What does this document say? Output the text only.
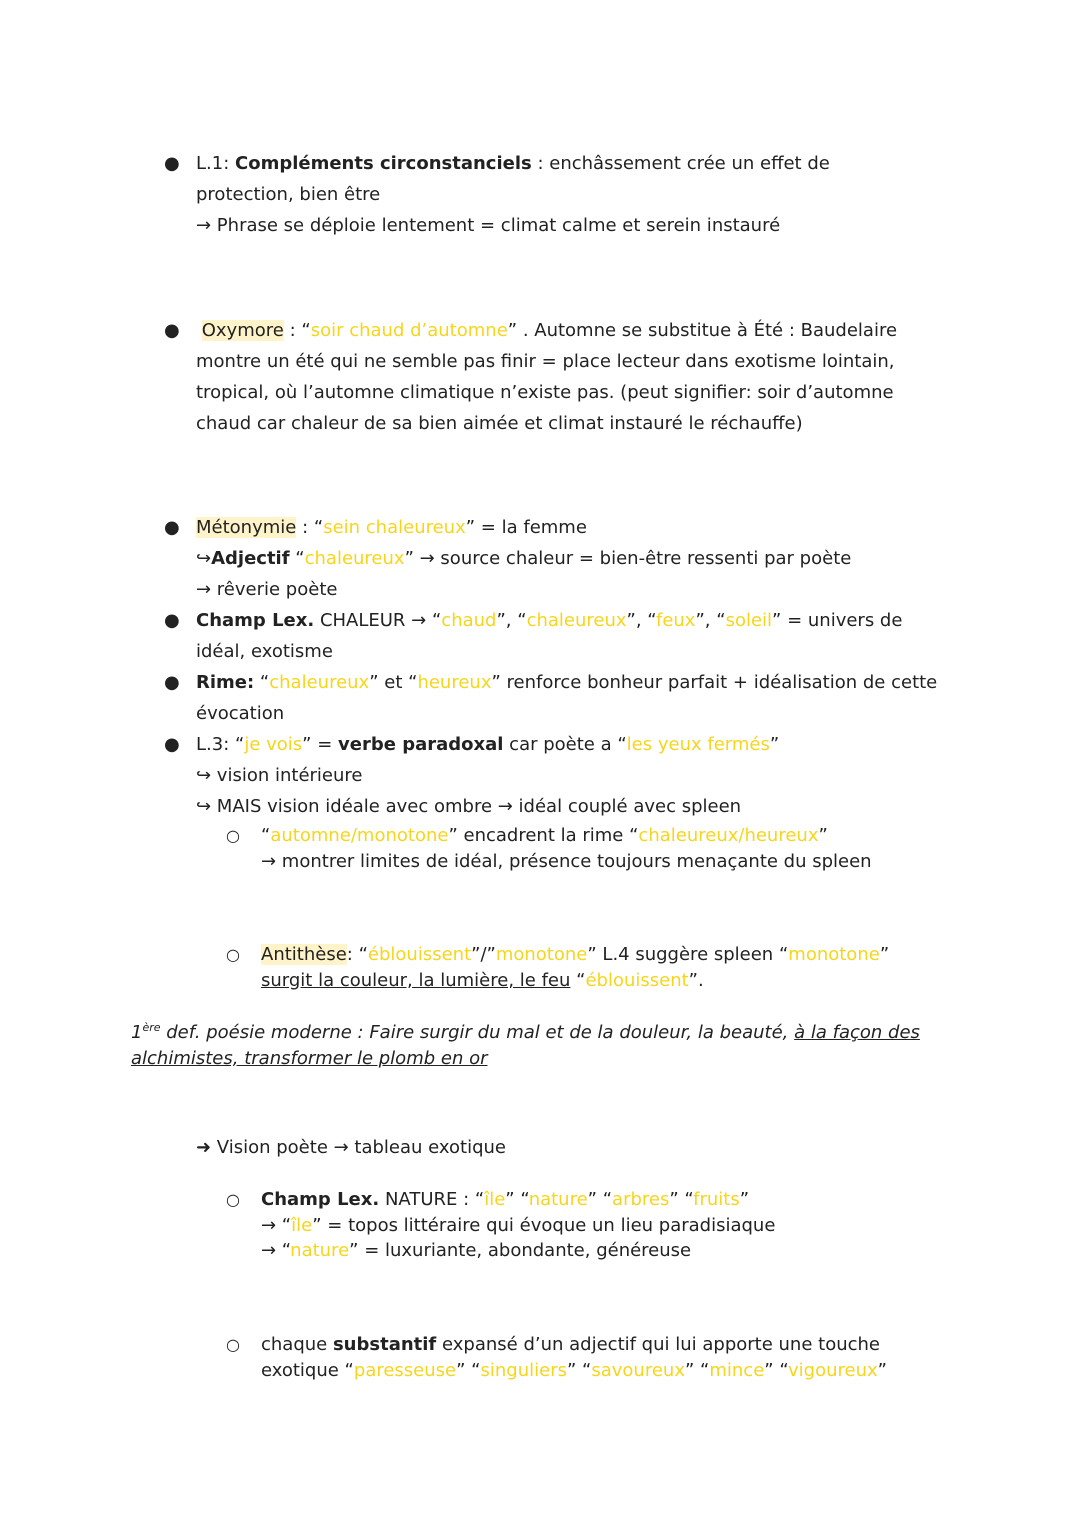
● L.1: Compléments circonstanciels : enchâssement crée un effet de
protection, bien être
→ Phrase se déploie lentement = climat calme et serein instauré
●	Oxymore : “soir chaud d’automne” . Automne se substitue à Été : Baudelaire
montre un été qui ne semble pas finir = place lecteur dans exotisme lointain,
tropical, où l’automne climatique n’existe pas. (peut signifier: soir d’automne
chaud car chaleur de sa bien aimée et climat instauré le réchauffe)
● Métonymie : “sein chaleureux” = la femme
↪Adjectif “chaleureux” → source chaleur = bien-être ressenti par poète
→ rêverie poète
● Champ Lex. CHALEUR → “chaud”, “chaleureux”, “feux”, “soleil” = univers de
idéal, exotisme
● Rime: “chaleureux” et “heureux” renforce bonheur parfait + idéalisation de cette
évocation
● L.3: “je vois” = verbe paradoxal car poète a “les yeux fermés”
↪ vision intérieure
↪ MAIS vision idéale avec ombre → idéal couplé avec spleen
○ “automne/monotone” encadrent la rime “chaleureux/heureux”
→ montrer limites de idéal, présence toujours menaçante du spleen
○ Antithèse: “éblouissent”/”monotone” L.4 suggère spleen “monotone”
surgit la couleur, la lumière, le feu “éblouissent”.
1ère def. poésie moderne : Faire surgir du mal et de la douleur, la beauté, à la façon des
alchimistes, transformer le plomb en or
➜ Vision poète → tableau exotique
○ Champ Lex. NATURE : “île” “nature” “arbres” “fruits”
→ “île” = topos littéraire qui évoque un lieu paradisiaque
→ “nature” = luxuriante, abondante, généreuse
○ chaque substantif expansé d’un adjectif qui lui apporte une touche
exotique “paresseuse” “singuliers” “savoureux” “mince” “vigoureux”
